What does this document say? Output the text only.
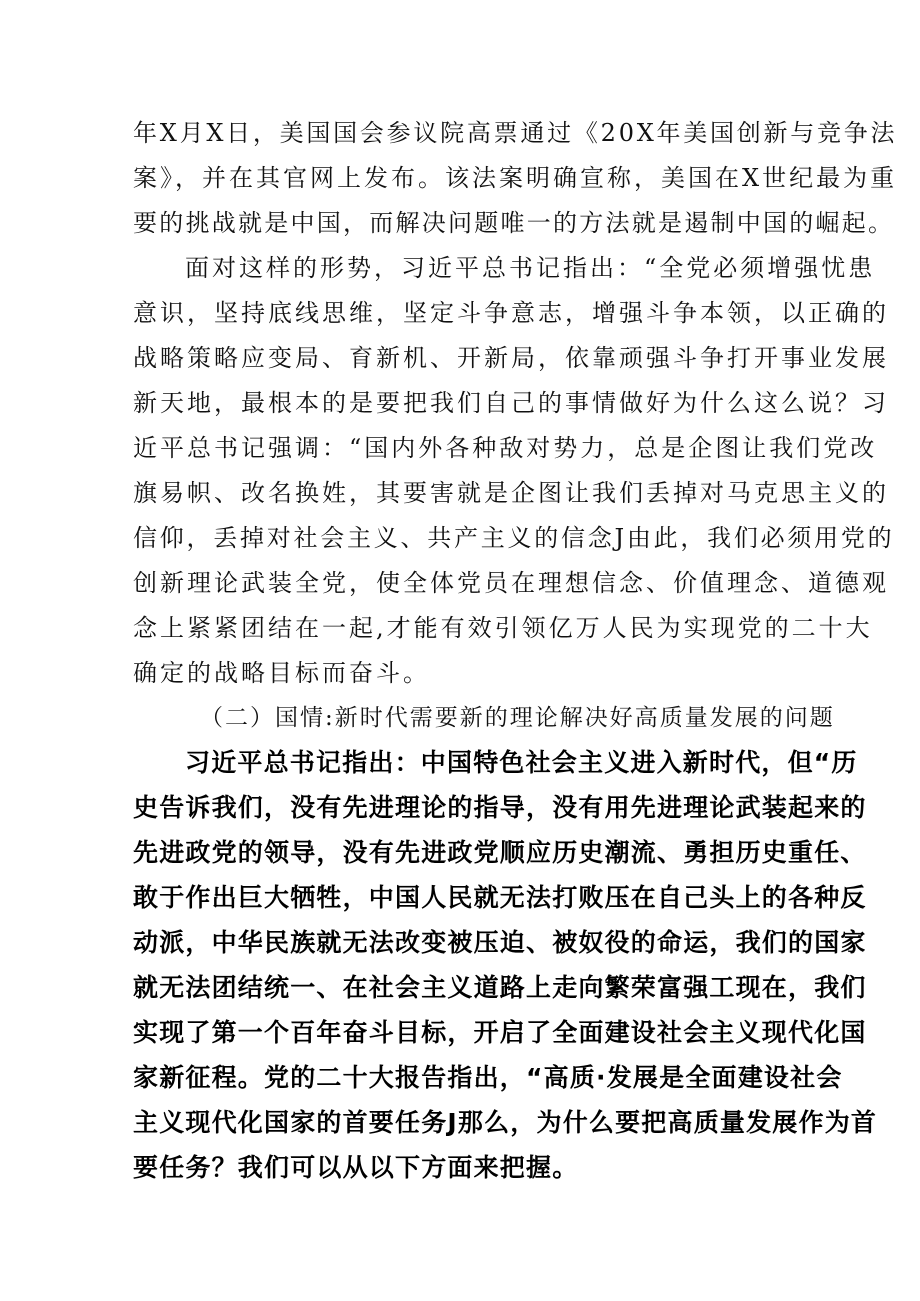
年X月X日，美国国会参议院高票通过《20X年美国创新与竞争法
案》，并在其官网上发布。该法案明确宣称，美国在X世纪最为重
要的挑战就是中国，而解决问题唯一的方法就是遏制中国的崛起。
面对这样的形势，习近平总书记指出：“全党必须增强忧患
意识，坚持底线思维，坚定斗争意志，增强斗争本领，以正确的
战略策略应变局、育新机、开新局，依靠顽强斗争打开事业发展
新天地，最根本的是要把我们自己的事情做好为什么这么说？习
近平总书记强调：“国内外各种敌对势力，总是企图让我们党改
旗易帜、改名换姓，其要害就是企图让我们丢掉对马克思主义的
信仰，丢掉对社会主义、共产主义的信念J由此，我们必须用党的
创新理论武装全党，使全体党员在理想信念、价值理念、道德观
念上紧紧团结在一起,才能有效引领亿万人民为实现党的二十大
确定的战略目标而奋斗。
（二）国情:新时代需要新的理论解决好高质量发展的问题
习近平总书记指出：中国特色社会主义进入新时代，但“历
史告诉我们，没有先进理论的指导，没有用先进理论武装起来的
先进政党的领导，没有先进政党顺应历史潮流、勇担历史重任、
敢于作出巨大牺牲，中国人民就无法打败压在自己头上的各种反
动派，中华民族就无法改变被压迫、被奴役的命运，我们的国家
就无法团结统一、在社会主义道路上走向繁荣富强工现在，我们
实现了第一个百年奋斗目标，开启了全面建设社会主义现代化国
家新征程。党的二十大报告指出，“高质·发展是全面建设社会
主义现代化国家的首要任务J那么，为什么要把高质量发展作为首
要任务？我们可以从以下方面来把握。
